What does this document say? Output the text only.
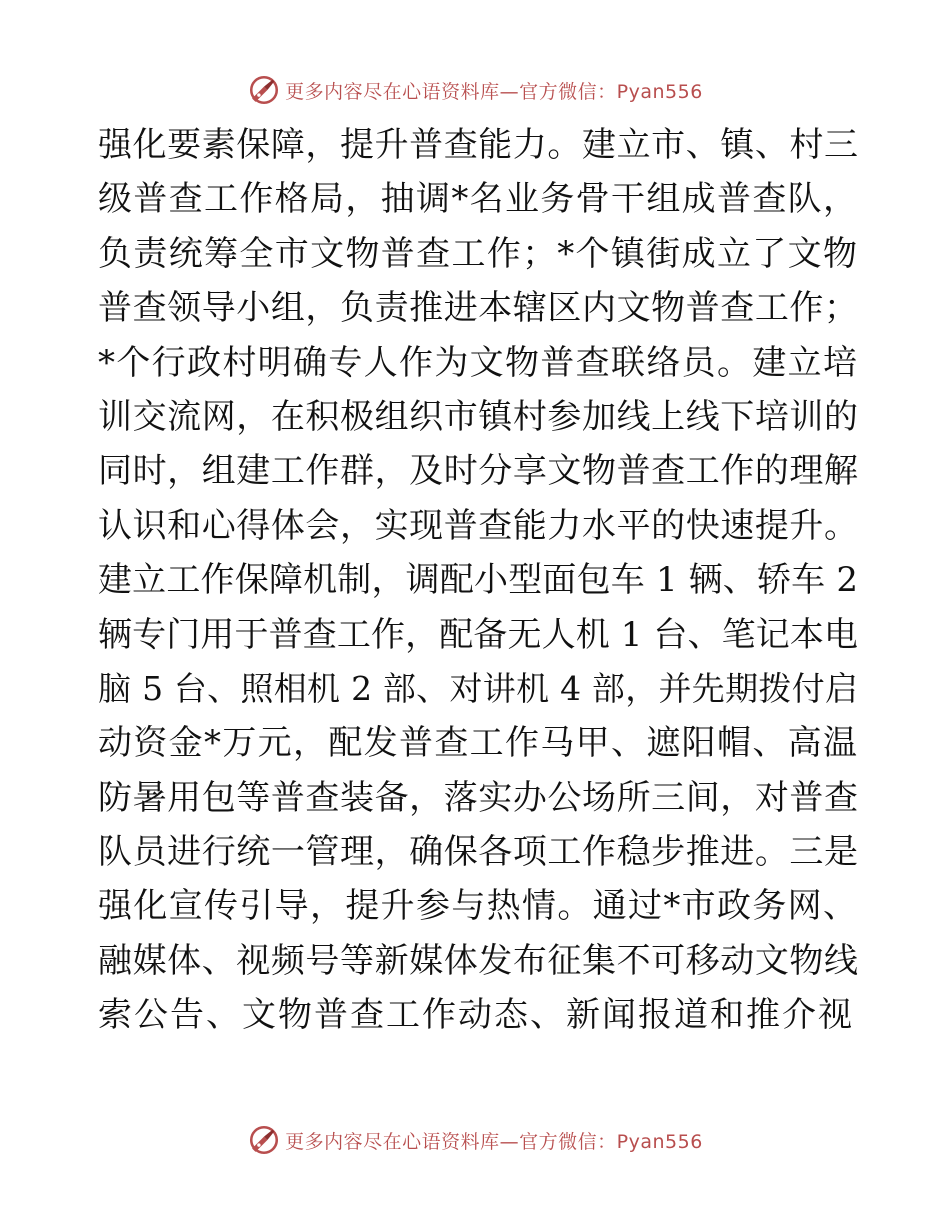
更多内容尽在心语资料库—官方微信：Pyan556
强化要素保障，提升普查能力。建立市、镇、村三
级普查工作格局，抽调*名业务骨干组成普查队，
负责统筹全市文物普查工作；*个镇街成立了文物
普查领导小组，负责推进本辖区内文物普查工作；
*个行政村明确专人作为文物普查联络员。建立培
训交流网，在积极组织市镇村参加线上线下培训的
同时，组建工作群，及时分享文物普查工作的理解
认识和心得体会，实现普查能力水平的快速提升。
建立工作保障机制，调配小型面包车 1 辆、轿车 2
辆专门用于普查工作，配备无人机 1 台、笔记本电
脑 5 台、照相机 2 部、对讲机 4 部，并先期拨付启
动资金*万元，配发普查工作马甲、遮阳帽、高温
防暑用包等普查装备，落实办公场所三间，对普查
队员进行统一管理，确保各项工作稳步推进。三是
强化宣传引导，提升参与热情。通过*市政务网、
融媒体、视频号等新媒体发布征集不可移动文物线
索公告、文物普查工作动态、新闻报道和推介视
更多内容尽在心语资料库—官方微信：Pyan556
